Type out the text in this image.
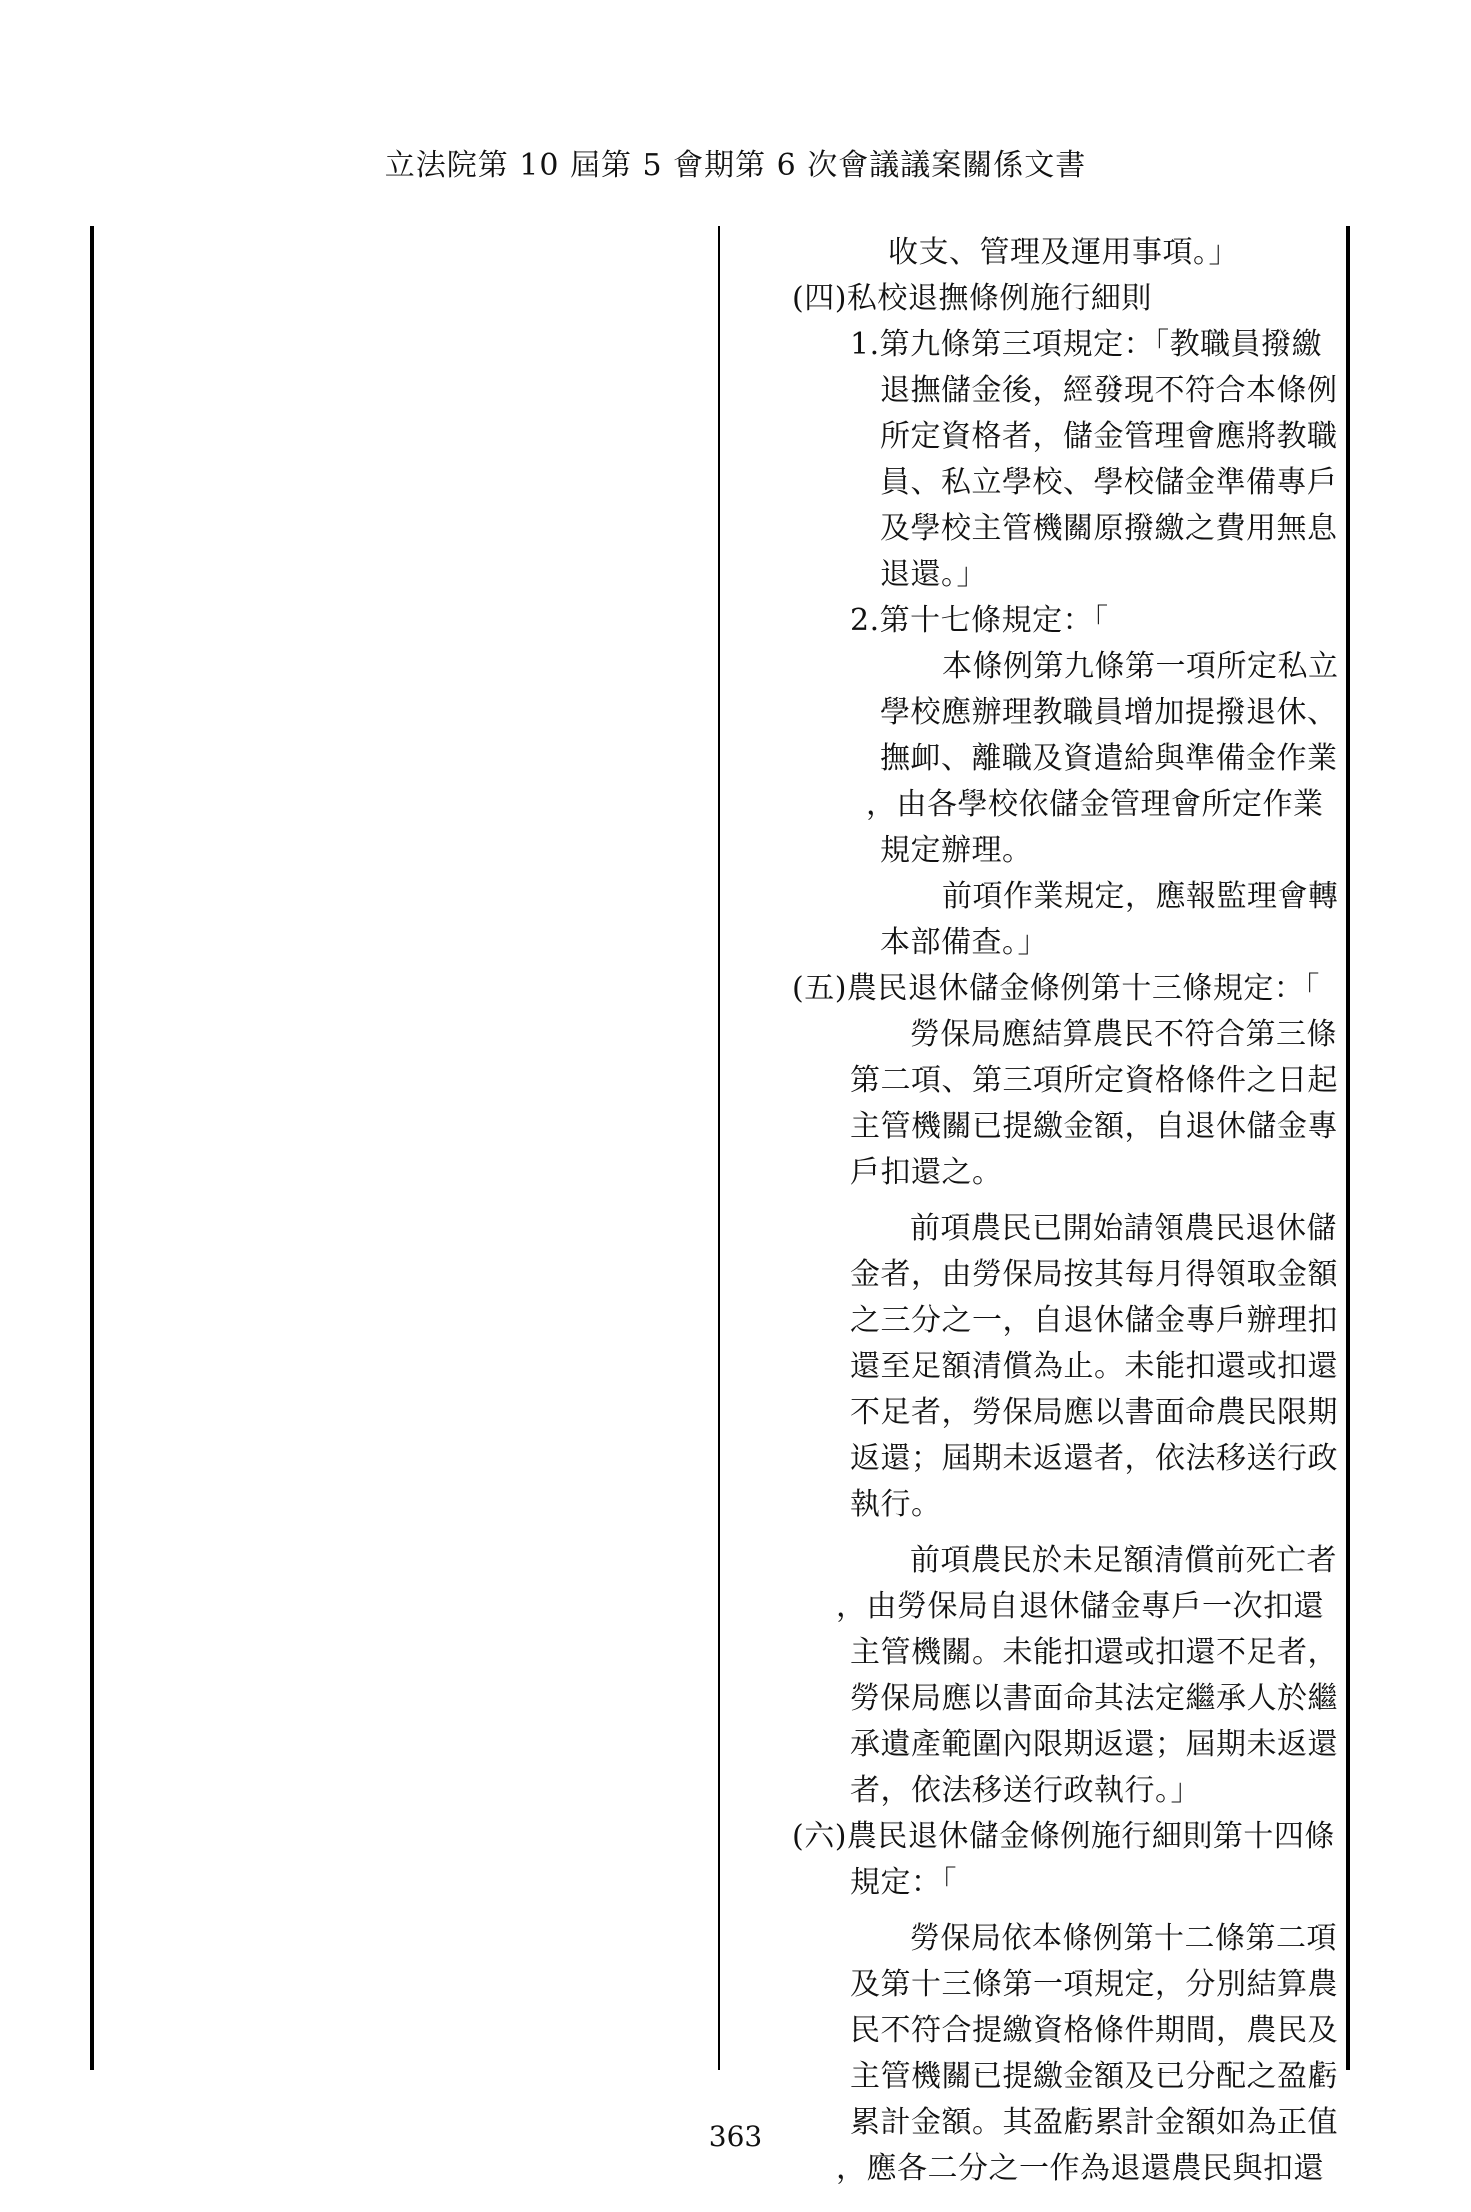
立法院第 10 屆第 5 會期第 6 次會議議案關係文書
收支、管理及運用事項。」
(四)私校退撫條例施行細則
1.第九條第三項規定：「教職員撥繳
退撫儲金後，經發現不符合本條例
所定資格者，儲金管理會應將教職
員、私立學校、學校儲金準備專戶
及學校主管機關原撥繳之費用無息
退還。」
2.第十七條規定：「
本條例第九條第一項所定私立
學校應辦理教職員增加提撥退休、
撫卹、離職及資遣給與準備金作業
，由各學校依儲金管理會所定作業
規定辦理。
前項作業規定，應報監理會轉
本部備查。」
(五)農民退休儲金條例第十三條規定：「
勞保局應結算農民不符合第三條
第二項、第三項所定資格條件之日起
主管機關已提繳金額，自退休儲金專
戶扣還之。
前項農民已開始請領農民退休儲
金者，由勞保局按其每月得領取金額
之三分之一，自退休儲金專戶辦理扣
還至足額清償為止。未能扣還或扣還
不足者，勞保局應以書面命農民限期
返還；屆期未返還者，依法移送行政
執行。
前項農民於未足額清償前死亡者
，由勞保局自退休儲金專戶一次扣還
主管機關。未能扣還或扣還不足者，
勞保局應以書面命其法定繼承人於繼
承遺產範圍內限期返還；屆期未返還
者，依法移送行政執行。」
(六)農民退休儲金條例施行細則第十四條
規定：「
勞保局依本條例第十二條第二項
及第十三條第一項規定，分別結算農
民不符合提繳資格條件期間，農民及
主管機關已提繳金額及已分配之盈虧
累計金額。其盈虧累計金額如為正值
，應各二分之一作為退還農民與扣還
363
